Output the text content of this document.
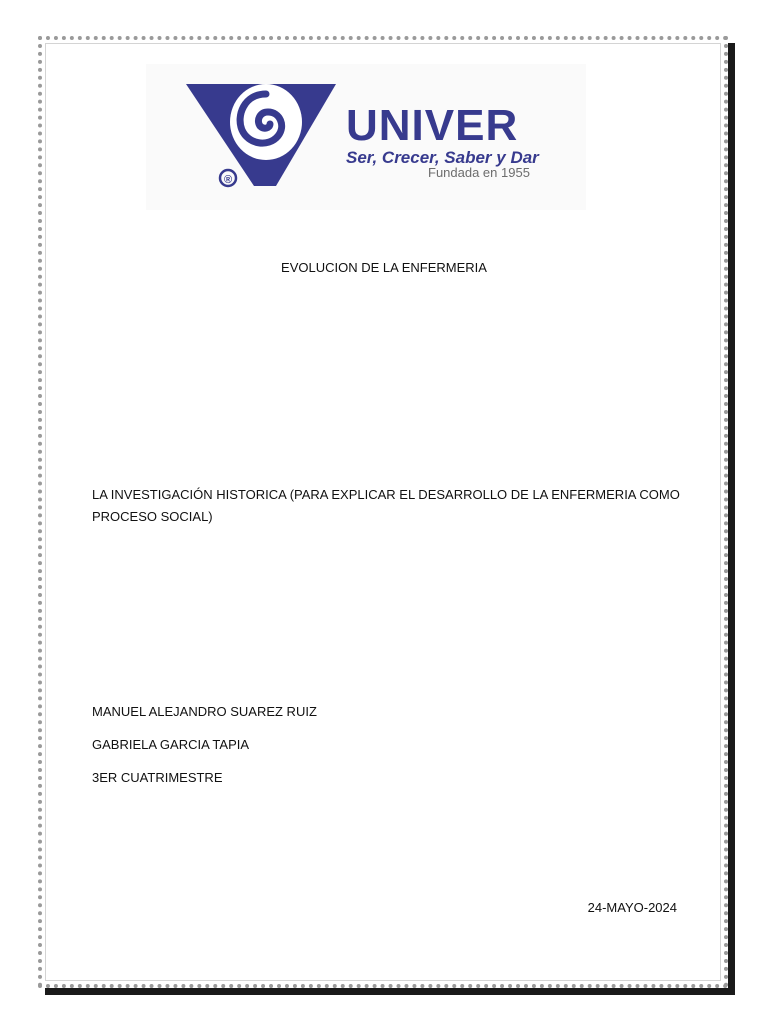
®
UNIVER
Ser, Crecer, Saber y Dar
Fundada en 1955
EVOLUCION DE LA ENFERMERIA
LA INVESTIGACIÓN HISTORICA (PARA EXPLICAR EL DESARROLLO DE LA ENFERMERIA COMO PROCESO SOCIAL)
MANUEL ALEJANDRO SUAREZ RUIZ
GABRIELA GARCIA TAPIA
3ER CUATRIMESTRE
24-MAYO-2024
